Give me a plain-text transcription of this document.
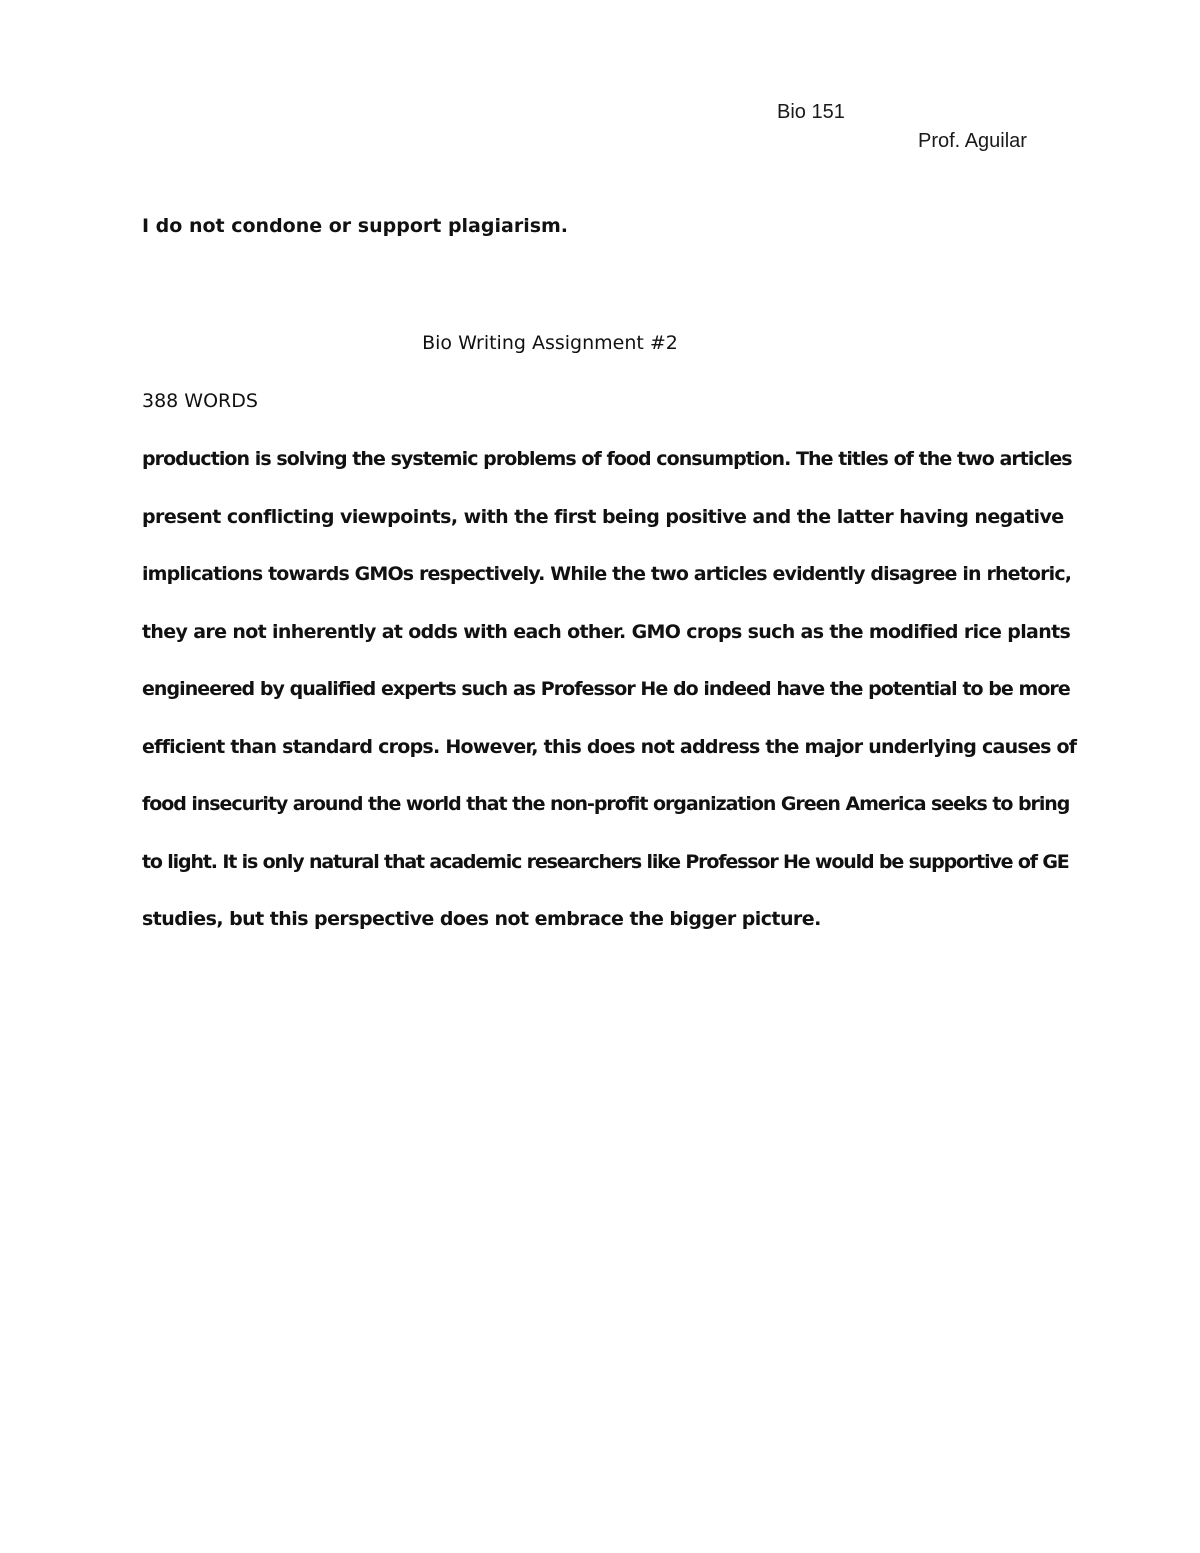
Bio 151
Prof. Aguilar
I do not condone or support plagiarism.
Bio Writing Assignment #2
388 WORDS
production is solving the systemic problems of food consumption. The titles of the two articles
present conflicting viewpoints, with the first being positive and the latter having negative
implications towards GMOs respectively. While the two articles evidently disagree in rhetoric,
they are not inherently at odds with each other. GMO crops such as the modified rice plants
engineered by qualified experts such as Professor He do indeed have the potential to be more
efficient than standard crops. However, this does not address the major underlying causes of
food insecurity around the world that the non-profit organization Green America seeks to bring
to light. It is only natural that academic researchers like Professor He would be supportive of GE
studies, but this perspective does not embrace the bigger picture.
